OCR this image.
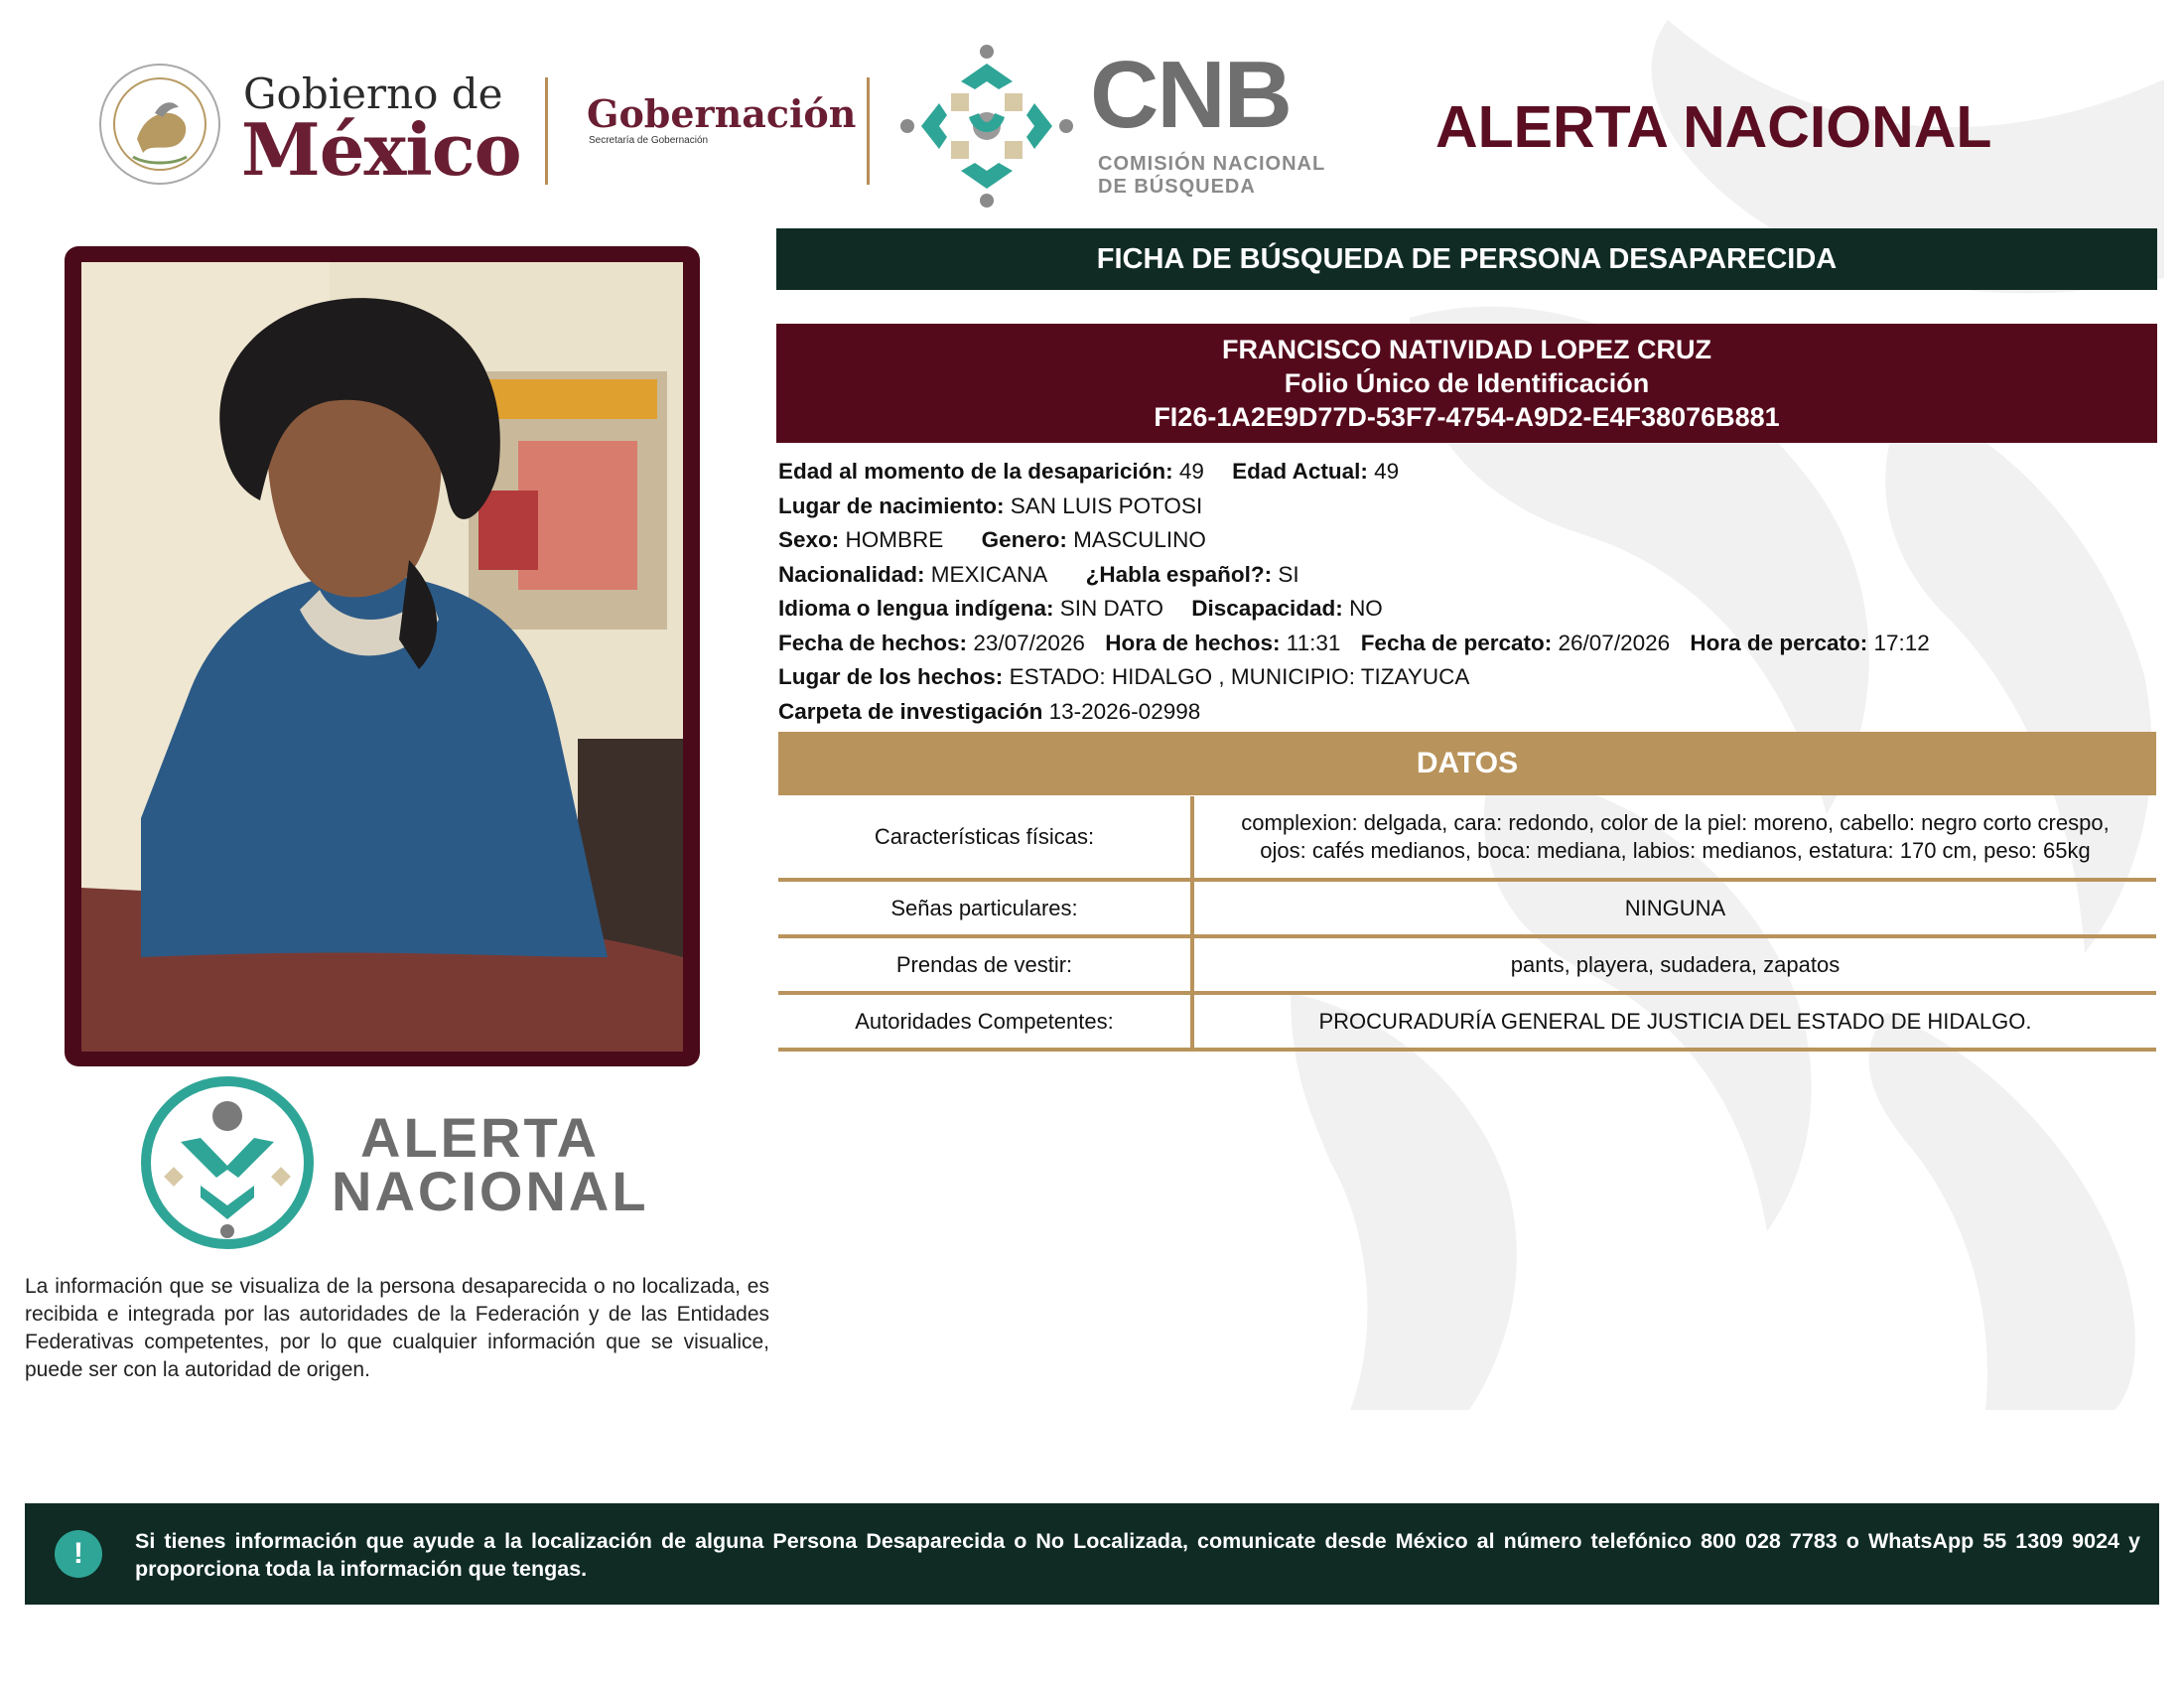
Gobierno de
México Gobernación
Secretaría de Gobernación	CNB
COMISIÓN NACIONAL
DE BÚSQUEDA
ALERTA NACIONAL
FICHA DE BÚSQUEDA DE PERSONA DESAPARECIDA
FRANCISCO NATIVIDAD LOPEZ CRUZ
Folio Único de Identificación
FI26-1A2E9D77D-53F7-4754-A9D2-E4F38076B881
Edad al momento de la desaparición: 49 Edad Actual: 49
Lugar de nacimiento: SAN LUIS POTOSI
Sexo: HOMBRE Genero: MASCULINO
Nacionalidad: MEXICANA ¿Habla español?: SI
Idioma o lengua indígena: SIN DATO Discapacidad: NO
Fecha de hechos: 23/07/2026 Hora de hechos: 11:31 Fecha de percato: 26/07/2026 Hora de percato: 17:12
Lugar de los hechos: ESTADO: HIDALGO , MUNICIPIO: TIZAYUCA
Carpeta de investigación 13-2026-02998
DATOS
Características físicas:	complexion: delgada, cara: redondo, color de la piel: moreno, cabello: negro corto crespo,
ojos: cafés medianos, boca: mediana, labios: medianos, estatura: 170 cm, peso: 65kg

Señas particulares:	NINGUNA
Prendas de vestir:	pants, playera, sudadera, zapatos
Autoridades Competentes:	PROCURADURÍA GENERAL DE JUSTICIA DEL ESTADO DE HIDALGO.
ALERTA
NACIONAL
La información que se visualiza de la persona desaparecida o no localizada, es recibida e integrada por las autoridades de la Federación y de las Entidades Federativas competentes, por lo que cualquier información que se visualice, puede ser con la autoridad de origen.
!	Si tienes información que ayude a la localización de alguna Persona Desaparecida o No Localizada, comunicate desde México al número telefónico 800 028 7783 o WhatsApp 55 1309 9024 y proporciona toda la información que tengas.
